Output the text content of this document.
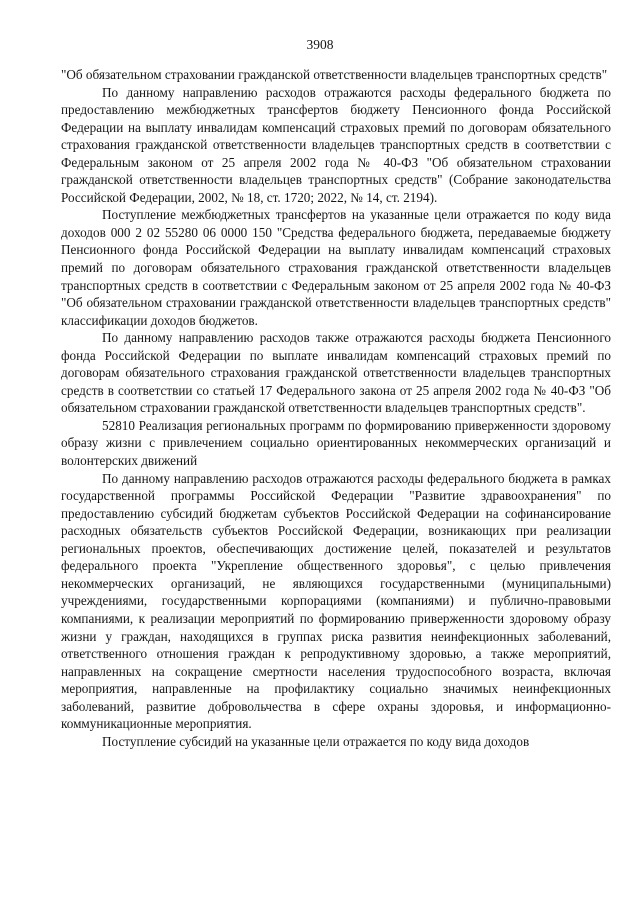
3908

"Об обязательном страховании гражданской ответственности владельцев транспортных средств"

По данному направлению расходов отражаются расходы федерального бюджета по предоставлению межбюджетных трансфертов бюджету Пенсионного фонда Российской Федерации на выплату инвалидам компенсаций страховых премий по договорам обязательного страхования гражданской ответственности владельцев транспортных средств в соответствии с Федеральным законом от 25 апреля 2002 года № 40-ФЗ "Об обязательном страховании гражданской ответственности владельцев транспортных средств" (Собрание законодательства Российской Федерации, 2002, № 18, ст. 1720; 2022, № 14, ст. 2194).

Поступление межбюджетных трансфертов на указанные цели отражается по коду вида доходов 000 2 02 55280 06 0000 150 "Средства федерального бюджета, передаваемые бюджету Пенсионного фонда Российской Федерации на выплату инвалидам компенсаций страховых премий по договорам обязательного страхования гражданской ответственности владельцев транспортных средств в соответствии с Федеральным законом от 25 апреля 2002 года № 40-ФЗ "Об обязательном страховании гражданской ответственности владельцев транспортных средств" классификации доходов бюджетов.

По данному направлению расходов также отражаются расходы бюджета Пенсионного фонда Российской Федерации по выплате инвалидам компенсаций страховых премий по договорам обязательного страхования гражданской ответственности владельцев транспортных средств в соответствии со статьей 17 Федерального закона от 25 апреля 2002 года № 40-ФЗ "Об обязательном страховании гражданской ответственности владельцев транспортных средств".

52810 Реализация региональных программ по формированию приверженности здоровому образу жизни с привлечением социально ориентированных некоммерческих организаций и волонтерских движений

По данному направлению расходов отражаются расходы федерального бюджета в рамках государственной программы Российской Федерации "Развитие здравоохранения" по предоставлению субсидий бюджетам субъектов Российской Федерации на софинансирование расходных обязательств субъектов Российской Федерации, возникающих при реализации региональных проектов, обеспечивающих достижение целей, показателей и результатов федерального проекта "Укрепление общественного здоровья", с целью привлечения некоммерческих организаций, не являющихся государственными (муниципальными) учреждениями, государственными корпорациями (компаниями) и публично-правовыми компаниями, к реализации мероприятий по формированию приверженности здоровому образу жизни у граждан, находящихся в группах риска развития неинфекционных заболеваний, ответственного отношения граждан к репродуктивному здоровью, а также мероприятий, направленных на сокращение смертности населения трудоспособного возраста, включая мероприятия, направленные на профилактику социально значимых неинфекционных заболеваний, развитие добровольчества в сфере охраны здоровья, и информационно-коммуникационные мероприятия.

Поступление субсидий на указанные цели отражается по коду вида доходов
